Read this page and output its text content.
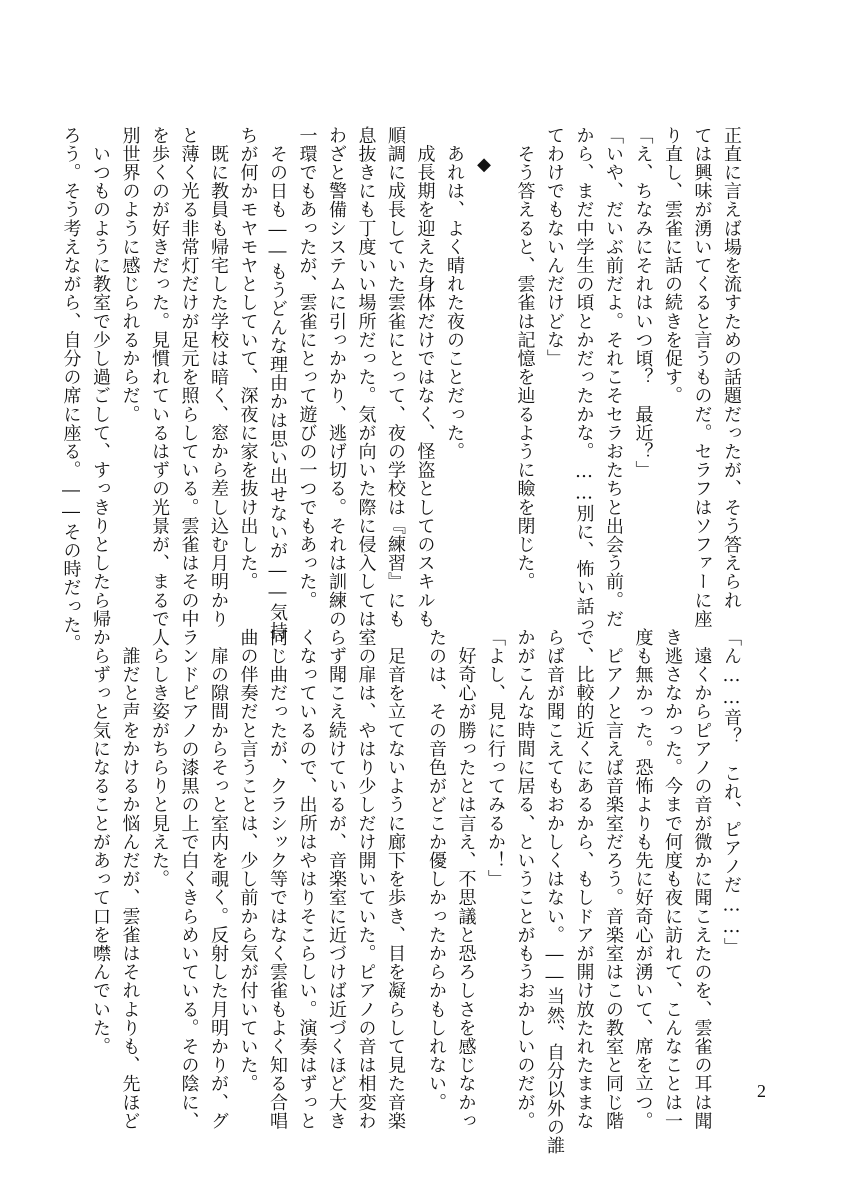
正直に言えば場を流すための話題だったが、そう答えられ
ては興味が湧いてくると言うものだ。セラフはソファーに座
り直し、雲雀に話の続きを促す。
「え、ちなみにそれはいつ頃？　最近？」
「いや、だいぶ前だよ。それこそセラおたちと出会う前。だ
から、まだ中学生の頃とかだったかな。……別に、怖い話っ
てわけでもないんだけどな」
　そう答えると、雲雀は記憶を辿るように瞼を閉じた。
◆
　あれは、よく晴れた夜のことだった。
　成長期を迎えた身体だけではなく、怪盗としてのスキルも
順調に成長していた雲雀にとって、夜の学校は『練習』にも
息抜きにも丁度いい場所だった。気が向いた際に侵入しては、
わざと警備システムに引っかかり、逃げ切る。それは訓練の
一環でもあったが、雲雀にとって遊びの一つでもあった。
　その日も――もうどんな理由かは思い出せないが――気持
ちが何かモヤモヤとしていて、深夜に家を抜け出した。
　既に教員も帰宅した学校は暗く、窓から差し込む月明かり
と薄く光る非常灯だけが足元を照らしている。雲雀はその中
を歩くのが好きだった。見慣れているはずの光景が、まるで
別世界のように感じられるからだ。
　いつものように教室で少し過ごして、すっきりとしたら帰
ろう。そう考えながら、自分の席に座る。――その時だった。
「ん……音？　これ、ピアノだ……」
　遠くからピアノの音が微かに聞こえたのを、雲雀の耳は聞
き逃さなかった。今まで何度も夜に訪れて、こんなことは一
度も無かった。恐怖よりも先に好奇心が湧いて、席を立つ。
　ピアノと言えば音楽室だろう。音楽室はこの教室と同じ階
で、比較的近くにあるから、もしドアが開け放たれたままな
らば音が聞こえてもおかしくはない。――当然、自分以外の誰
かがこんな時間に居る、ということがもうおかしいのだが。
「よし、見に行ってみるか！」
　好奇心が勝ったとは言え、不思議と恐ろしさを感じなかっ
たのは、その音色がどこか優しかったからかもしれない。
　足音を立てないように廊下を歩き、目を凝らして見た音楽
室の扉は、やはり少しだけ開いていた。ピアノの音は相変わ
らず聞こえ続けているが、音楽室に近づけば近づくほど大き
くなっているので、出所はやはりそこらしい。演奏はずっと
同じ曲だったが、クラシック等ではなく雲雀もよく知る合唱
曲の伴奏だと言うことは、少し前から気が付いていた。
　扉の隙間からそっと室内を覗く。反射した月明かりが、グ
ランドピアノの漆黒の上で白くきらめいている。その陰に、
人らしき姿がちらりと見えた。
　誰だと声をかけるか悩んだが、雲雀はそれよりも、先ほど
からずっと気になることがあって口を噤んでいた。
2
